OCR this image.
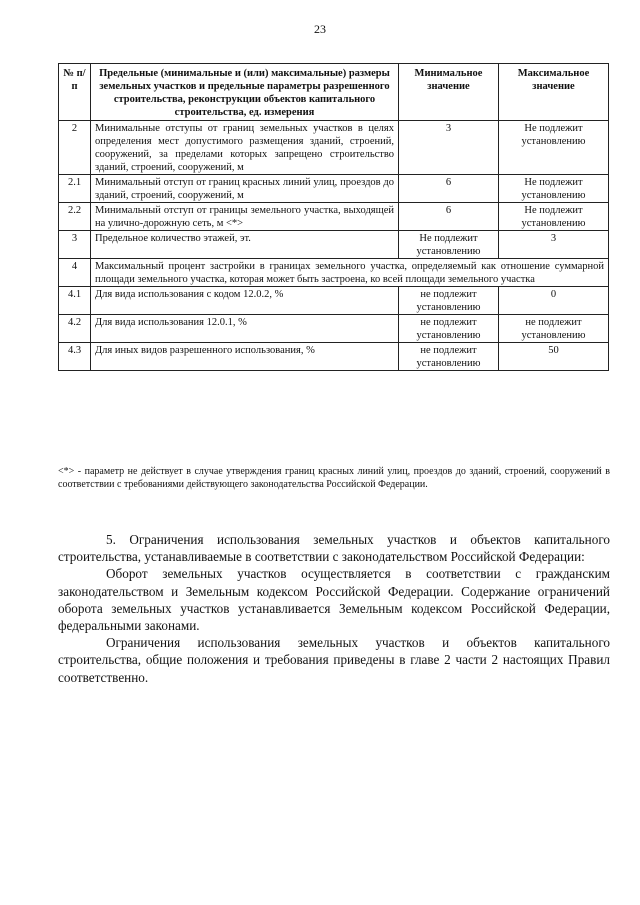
23
№ п/п	Предельные (минимальные и (или) максимальные) размеры земельных участков и предельные параметры разрешенного строительства, реконструкции объектов капитального строительства, ед. измерения	Минимальное значение	Максимальное значение
2	Минимальные отступы от границ земельных участков в целях определения мест допустимого размещения зданий, строений, сооружений, за пределами которых запрещено строительство зданий, строений, сооружений, м	3	Не подлежит установлению
2.1	Минимальный отступ от границ красных линий улиц, проездов до зданий, строений, сооружений, м	6	Не подлежит установлению
2.2	Минимальный отступ от границы земельного участка, выходящей на улично-дорожную сеть, м <*>	6	Не подлежит установлению
3	Предельное количество этажей, эт.	Не подлежит установлению	3
4	Максимальный процент застройки в границах земельного участка, определяемый как отношение суммарной площади земельного участка, которая может быть застроена, ко всей площади земельного участка		
4.1	Для вида использования с кодом 12.0.2, %	не подлежит установлению	0
4.2	Для вида использования 12.0.1, %	не подлежит установлению	не подлежит установлению
4.3	Для иных видов разрешенного использования, %	не подлежит установлению	50
<*> - параметр не действует в случае утверждения границ красных линий улиц, проездов до зданий, строений, сооружений в соответствии с требованиями действующего законодательства Российской Федерации.

5. Ограничения использования земельных участков и объектов капитального строительства, устанавливаемые в соответствии с законодательством Российской Федерации:

Оборот земельных участков осуществляется в соответствии с гражданским законодательством и Земельным кодексом Российской Федерации. Содержание ограничений оборота земельных участков устанавливается Земельным кодексом Российской Федерации, федеральными законами.

Ограничения использования земельных участков и объектов капитального строительства, общие положения и требования приведены в главе 2 части 2 настоящих Правил соответственно.
